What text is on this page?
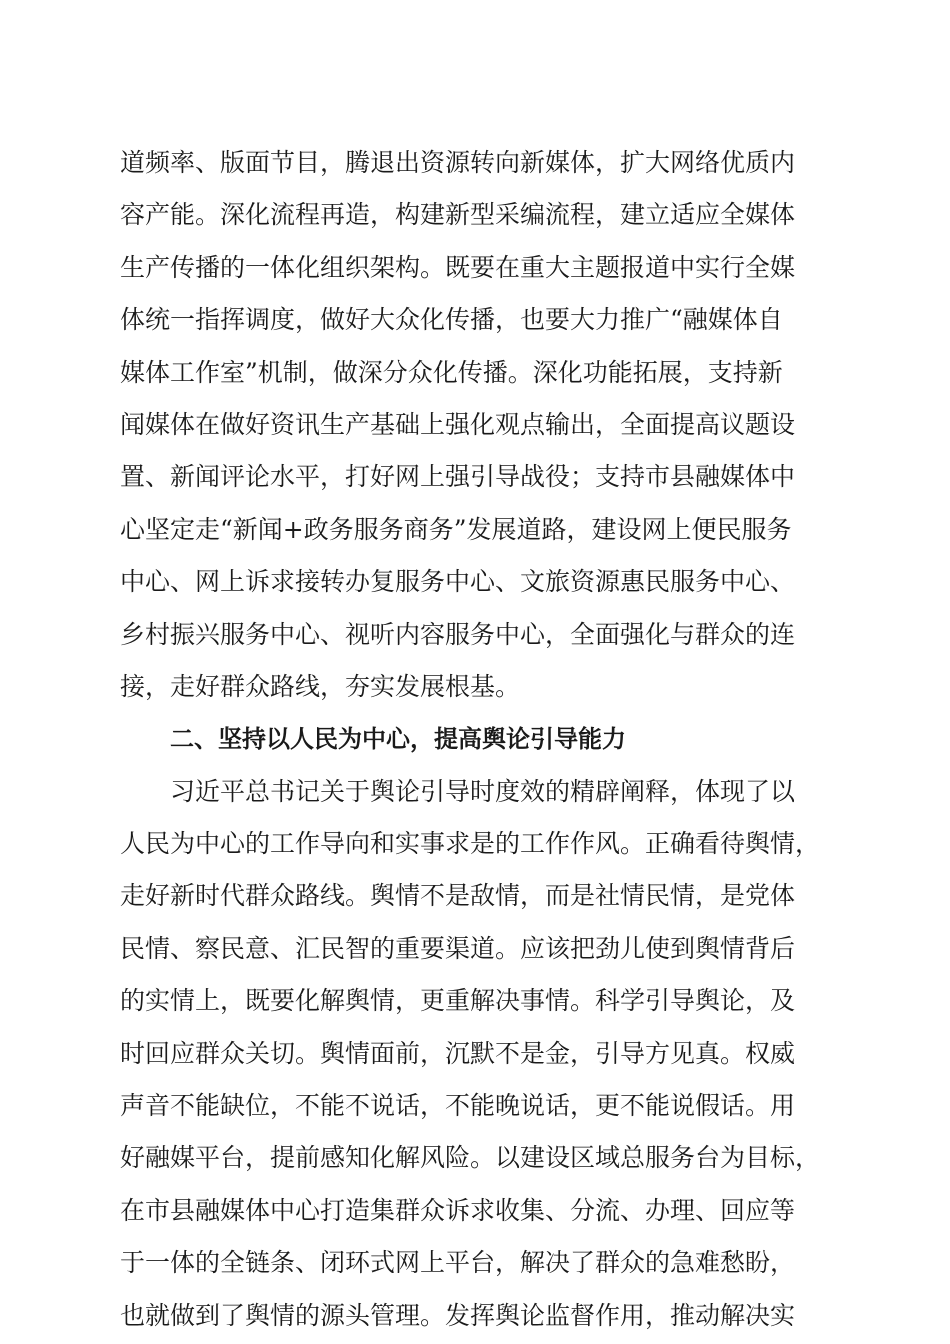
道频率、版面节目，腾退出资源转向新媒体，扩大网络优质内
容产能。深化流程再造，构建新型采编流程，建立适应全媒体
生产传播的一体化组织架构。既要在重大主题报道中实行全媒
体统一指挥调度，做好大众化传播，也要大力推广“融媒体自
媒体工作室”机制，做深分众化传播。深化功能拓展，支持新
闻媒体在做好资讯生产基础上强化观点输出，全面提高议题设
置、新闻评论水平，打好网上强引导战役；支持市县融媒体中
心坚定走“新闻+政务服务商务”发展道路，建设网上便民服务
中心、网上诉求接转办复服务中心、文旅资源惠民服务中心、
乡村振兴服务中心、视听内容服务中心，全面强化与群众的连
接，走好群众路线，夯实发展根基。
二、坚持以人民为中心，提高舆论引导能力
习近平总书记关于舆论引导时度效的精辟阐释，体现了以
人民为中心的工作导向和实事求是的工作作风。正确看待舆情，
走好新时代群众路线。舆情不是敌情，而是社情民情，是党体
民情、察民意、汇民智的重要渠道。应该把劲儿使到舆情背后
的实情上，既要化解舆情，更重解决事情。科学引导舆论，及
时回应群众关切。舆情面前，沉默不是金，引导方见真。权威
声音不能缺位，不能不说话，不能晚说话，更不能说假话。用
好融媒平台，提前感知化解风险。以建设区域总服务台为目标，
在市县融媒体中心打造集群众诉求收集、分流、办理、回应等
于一体的全链条、闭环式网上平台，解决了群众的急难愁盼，
也就做到了舆情的源头管理。发挥舆论监督作用，推动解决实
